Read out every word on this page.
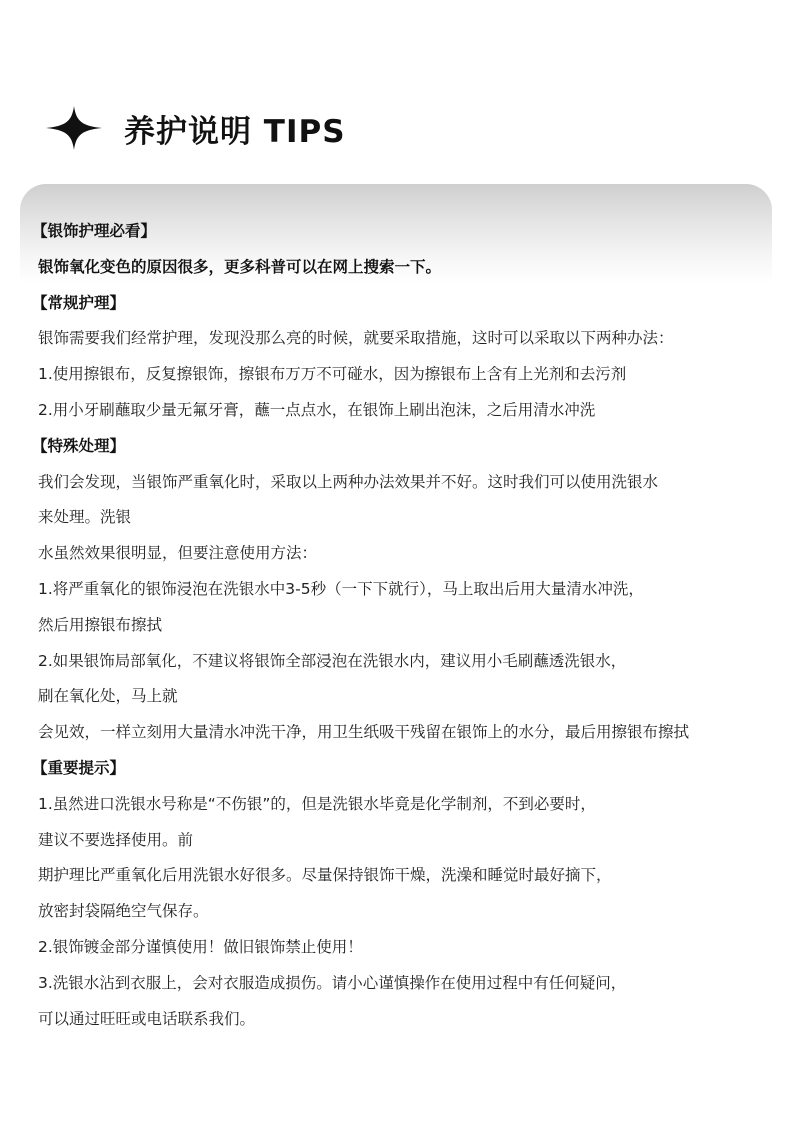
养护说明 TIPS
【银饰护理必看】
银饰氧化变色的原因很多，更多科普可以在网上搜索一下。
【常规护理】
银饰需要我们经常护理，发现没那么亮的时候，就要采取措施，这时可以采取以下两种办法：
1.使用擦银布，反复擦银饰，擦银布万万不可碰水，因为擦银布上含有上光剂和去污剂
2.用小牙刷蘸取少量无氟牙膏，蘸一点点水，在银饰上刷出泡沫，之后用清水冲洗
【特殊处理】
我们会发现，当银饰严重氧化时，采取以上两种办法效果并不好。这时我们可以使用洗银水
来处理。洗银
水虽然效果很明显，但要注意使用方法：
1.将严重氧化的银饰浸泡在洗银水中3-5秒（一下下就行），马上取出后用大量清水冲洗，
然后用擦银布擦拭
2.如果银饰局部氧化，不建议将银饰全部浸泡在洗银水内，建议用小毛刷蘸透洗银水，
刷在氧化处，马上就
会见效，一样立刻用大量清水冲洗干净，用卫生纸吸干残留在银饰上的水分，最后用擦银布擦拭
【重要提示】
1.虽然进口洗银水号称是“不伤银”的，但是洗银水毕竟是化学制剂，不到必要时，
建议不要选择使用。前
期护理比严重氧化后用洗银水好很多。尽量保持银饰干燥，洗澡和睡觉时最好摘下，
放密封袋隔绝空气保存。
2.银饰镀金部分谨慎使用！做旧银饰禁止使用！
3.洗银水沾到衣服上，会对衣服造成损伤。请小心谨慎操作在使用过程中有任何疑问，
可以通过旺旺或电话联系我们。
